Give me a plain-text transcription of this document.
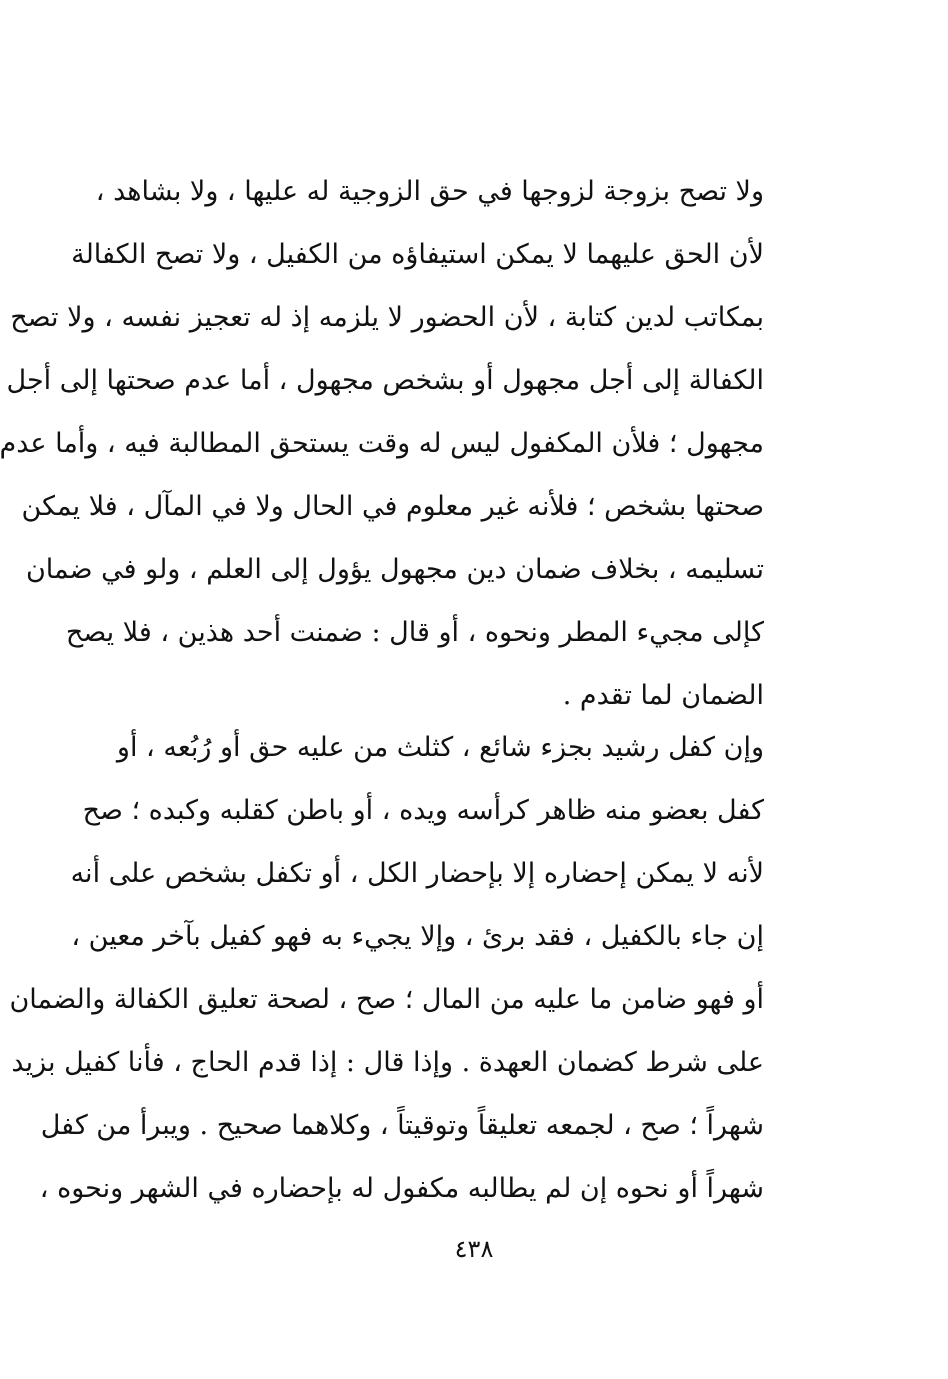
ولا تصح بزوجة لزوجها في حق الزوجية له عليها ، ولا بشاهد ،
لأن الحق عليهما لا يمكن استيفاؤه من الكفيل ، ولا تصح الكفالة
بمكاتب لدين كتابة ، لأن الحضور لا يلزمه إذ له تعجيز نفسه ، ولا تصح
الكفالة إلى أجل مجهول أو بشخص مجهول ، أما عدم صحتها إلى أجل
مجهول ؛ فلأن المكفول ليس له وقت يستحق المطالبة فيه ، وأما عدم
صحتها بشخص ؛ فلأنه غير معلوم في الحال ولا في المآل ، فلا يمكن
تسليمه ، بخلاف ضمان دين مجهول يؤول إلى العلم ، ولو في ضمان
كإلى مجيء المطر ونحوه ، أو قال : ضمنت أحد هذين ، فلا يصح
الضمان لما تقدم .
وإن كفل رشيد بجزء شائع ، كثلث من عليه حق أو رُبُعه ، أو
كفل بعضو منه ظاهر كرأسه ويده ، أو باطن كقلبه وكبده ؛ صح
لأنه لا يمكن إحضاره إلا بإحضار الكل ، أو تكفل بشخص على أنه
إن جاء بالكفيل ، فقد برئ ، وإلا يجيء به فهو كفيل بآخر معين ،
أو فهو ضامن ما عليه من المال ؛ صح ، لصحة تعليق الكفالة والضمان
على شرط كضمان العهدة . وإذا قال : إذا قدم الحاج ، فأنا كفيل بزيد
شهراً ؛ صح ، لجمعه تعليقاً وتوقيتاً ، وكلاهما صحيح . ويبرأ من كفل
شهراً أو نحوه إن لم يطالبه مكفول له بإحضاره في الشهر ونحوه ،
٤٣٨
